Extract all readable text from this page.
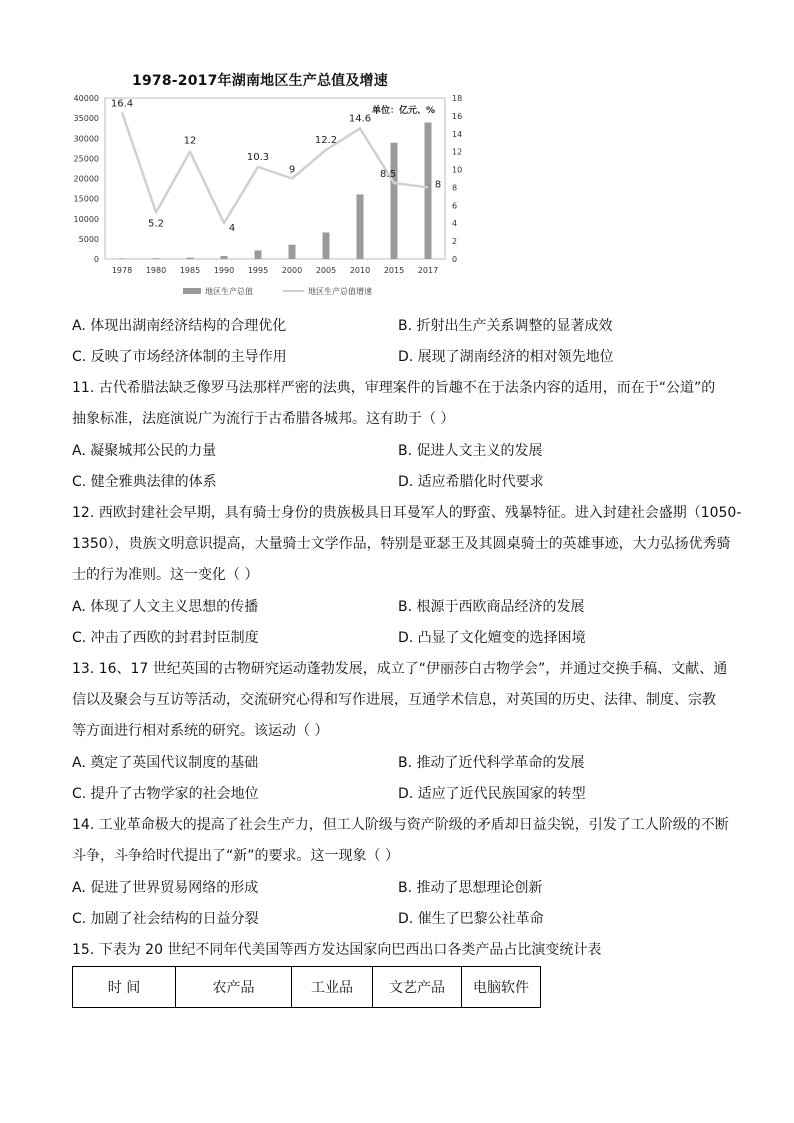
1978-2017年湖南地区生产总值及增速
0
5000
10000
15000
20000
25000
30000
35000
40000
0
2
4
6
8
10
12
14
16
18
16.4
5.2
12
4
10.3
9
12.2
14.6
8.5
8
1978 1980 1985 1990 1995 2000 2005 2010 2015 2017
单位：亿元、%
地区生产总值	地区生产总值增速
A. 体现出湖南经济结构的合理优化	B. 折射出生产关系调整的显著成效
C. 反映了市场经济体制的主导作用	D. 展现了湖南经济的相对领先地位
11. 古代希腊法缺乏像罗马法那样严密的法典，审理案件的旨趣不在于法条内容的适用，而在于“公道”的
抽象标准，法庭演说广为流行于古希腊各城邦。这有助于（ ）
A. 凝聚城邦公民的力量	B. 促进人文主义的发展
C. 健全雅典法律的体系	D. 适应希腊化时代要求
12. 西欧封建社会早期，具有骑士身份的贵族极具日耳曼军人的野蛮、残暴特征。进入封建社会盛期（1050-
1350），贵族文明意识提高，大量骑士文学作品，特别是亚瑟王及其圆桌骑士的英雄事迹，大力弘扬优秀骑
士的行为准则。这一变化（ ）
A. 体现了人文主义思想的传播	B. 根源于西欧商品经济的发展
C. 冲击了西欧的封君封臣制度	D. 凸显了文化嬗变的选择困境
13. 16、17 世纪英国的古物研究运动蓬勃发展，成立了“伊丽莎白古物学会”，并通过交换手稿、文献、通
信以及聚会与互访等活动，交流研究心得和写作进展，互通学术信息，对英国的历史、法律、制度、宗教
等方面进行相对系统的研究。该运动（ ）
A. 奠定了英国代议制度的基础	B. 推动了近代科学革命的发展
C. 提升了古物学家的社会地位	D. 适应了近代民族国家的转型
14. 工业革命极大的提高了社会生产力，但工人阶级与资产阶级的矛盾却日益尖锐，引发了工人阶级的不断
斗争，斗争给时代提出了“新”的要求。这一现象（ ）
A. 促进了世界贸易网络的形成	B. 推动了思想理论创新
C. 加剧了社会结构的日益分裂	D. 催生了巴黎公社革命
15. 下表为 20 世纪不同年代美国等西方发达国家向巴西出口各类产品占比演变统计表
时 间	农产品	工业品	文艺产品	电脑软件
